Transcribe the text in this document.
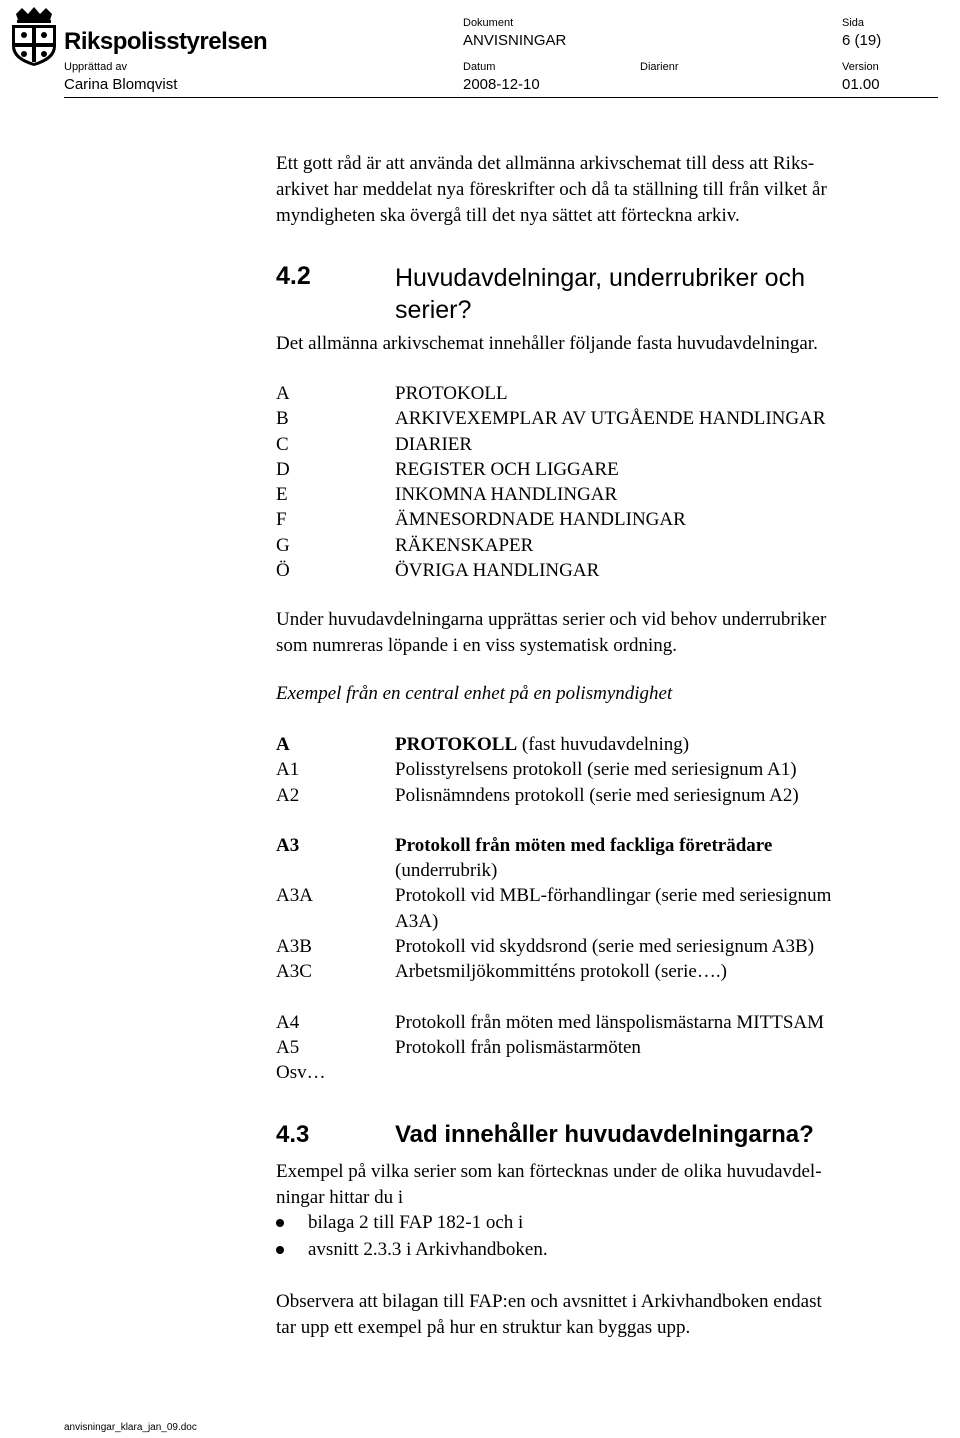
Rikspolisstyrelsen
Dokument
ANVISNINGAR
Sida
6 (19)
Upprättad av
Carina Blomqvist
Datum
2008-12-10
Diarienr	Version
01.00
Ett gott råd är att använda det allmänna arkivschemat till dess att Riks-
arkivet har meddelat nya föreskrifter och då ta ställning till från vilket år
myndigheten ska övergå till det nya sättet att förteckna arkiv.
4.2	Huvudavdelningar, underrubriker och
serier?
Det allmänna arkivschemat innehåller följande fasta huvudavdelningar.
A	PROTOKOLL
B	ARKIVEXEMPLAR AV UTGÅENDE HANDLINGAR
C	DIARIER
D	REGISTER OCH LIGGARE
E	INKOMNA HANDLINGAR
F	ÄMNESORDNADE HANDLINGAR
G	RÄKENSKAPER
Ö	ÖVRIGA HANDLINGAR
Under huvudavdelningarna upprättas serier och vid behov underrubriker
som numreras löpande i en viss systematisk ordning.
Exempel från en central enhet på en polismyndighet
A	PROTOKOLL (fast huvudavdelning)
A1	Polisstyrelsens protokoll (serie med seriesignum A1)
A2	Polisnämndens protokoll (serie med seriesignum A2)
A3	Protokoll från möten med fackliga företrädare
(underrubrik)
A3A	Protokoll vid MBL-förhandlingar (serie med seriesignum
A3A)
A3B	Protokoll vid skyddsrond (serie med seriesignum A3B)
A3C	Arbetsmiljökommitténs protokoll (serie….)
A4	Protokoll från möten med länspolismästarna MITTSAM
A5	Protokoll från polismästarmöten
Osv…
4.3	Vad innehåller huvudavdelningarna?
Exempel på vilka serier som kan förtecknas under de olika huvudavdel-
ningar hittar du i
bilaga 2 till FAP 182-1 och i
avsnitt 2.3.3 i Arkivhandboken.
Observera att bilagan till FAP:en och avsnittet i Arkivhandboken endast
tar upp ett exempel på hur en struktur kan byggas upp.
anvisningar_klara_jan_09.doc
